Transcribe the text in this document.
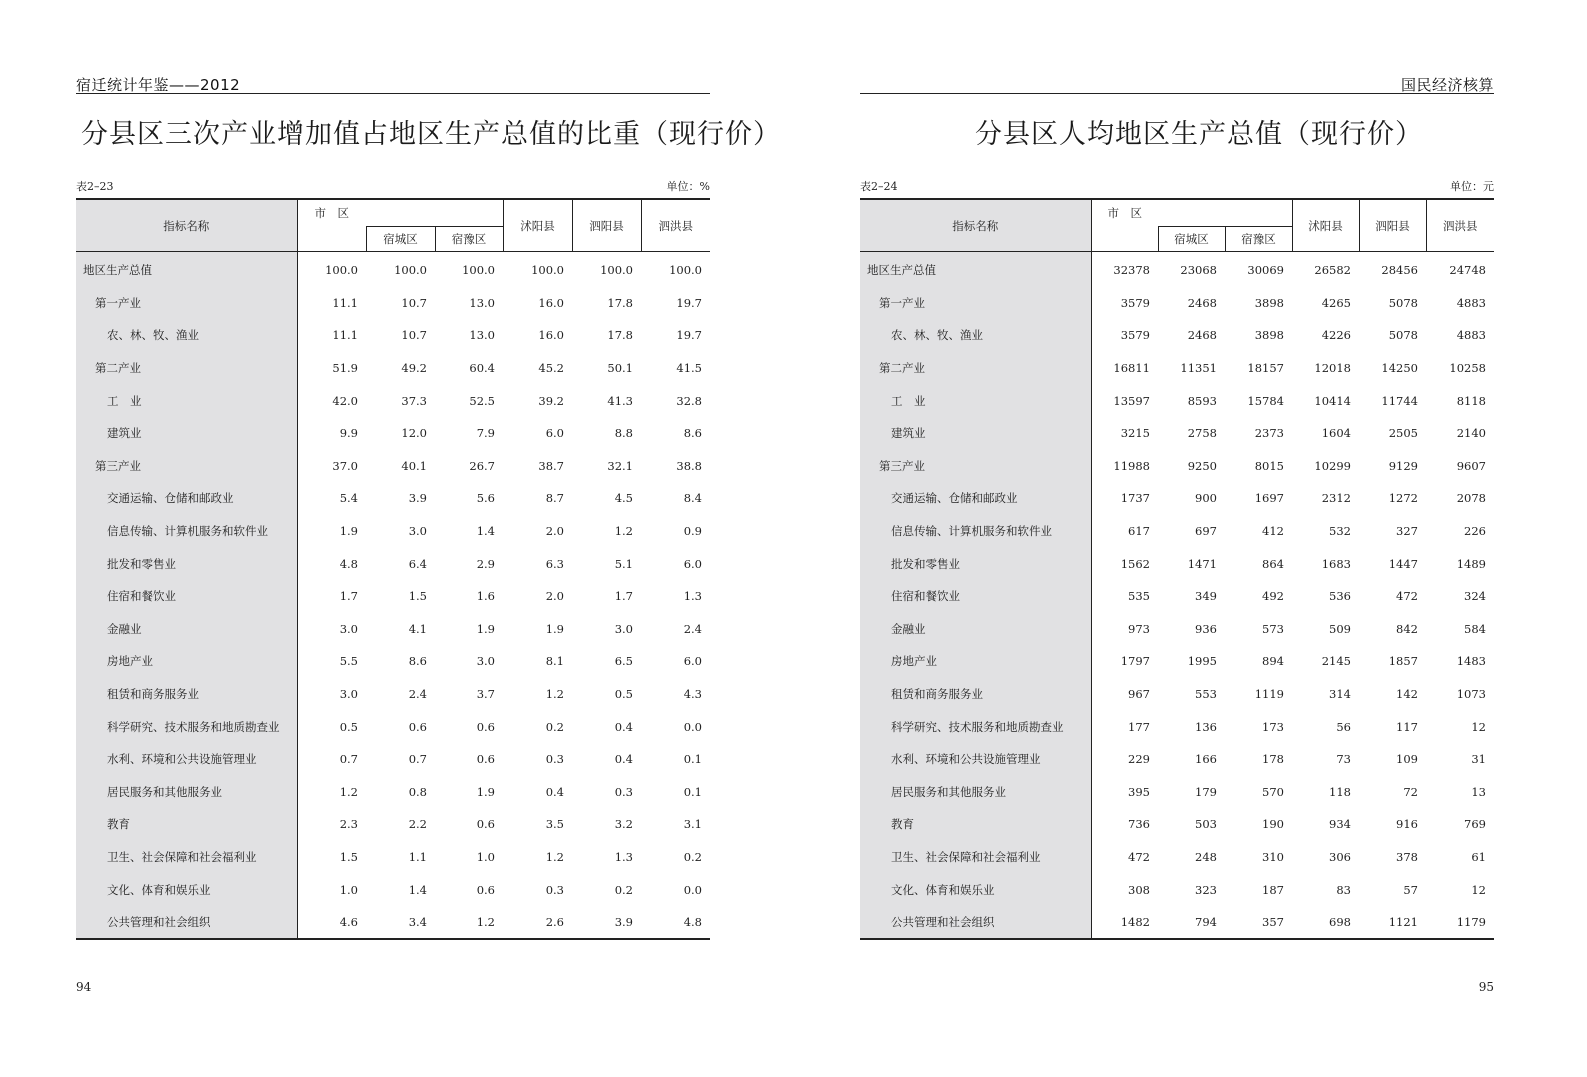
宿迁统计年鉴——2012
分县区三次产业增加值占地区生产总值的比重（现行价）
表2–23	单位：%
指标名称	市　区			沭阳县	泗阳县	泗洪县
		宿城区	宿豫区			
地区生产总值	100.0	100.0	100.0	100.0	100.0	100.0
第一产业	11.1	10.7	13.0	16.0	17.8	19.7
农、林、牧、渔业	11.1	10.7	13.0	16.0	17.8	19.7
第二产业	51.9	49.2	60.4	45.2	50.1	41.5
工　业	42.0	37.3	52.5	39.2	41.3	32.8
建筑业	9.9	12.0	7.9	6.0	8.8	8.6
第三产业	37.0	40.1	26.7	38.7	32.1	38.8
交通运输、仓储和邮政业	5.4	3.9	5.6	8.7	4.5	8.4
信息传输、计算机服务和软件业	1.9	3.0	1.4	2.0	1.2	0.9
批发和零售业	4.8	6.4	2.9	6.3	5.1	6.0
住宿和餐饮业	1.7	1.5	1.6	2.0	1.7	1.3
金融业	3.0	4.1	1.9	1.9	3.0	2.4
房地产业	5.5	8.6	3.0	8.1	6.5	6.0
租赁和商务服务业	3.0	2.4	3.7	1.2	0.5	4.3
科学研究、技术服务和地质勘查业	0.5	0.6	0.6	0.2	0.4	0.0
水利、环境和公共设施管理业	0.7	0.7	0.6	0.3	0.4	0.1
居民服务和其他服务业	1.2	0.8	1.9	0.4	0.3	0.1
教育	2.3	2.2	0.6	3.5	3.2	3.1
卫生、社会保障和社会福利业	1.5	1.1	1.0	1.2	1.3	0.2
文化、体育和娱乐业	1.0	1.4	0.6	0.3	0.2	0.0
公共管理和社会组织	4.6	3.4	1.2	2.6	3.9	4.8
94
国民经济核算
分县区人均地区生产总值（现行价）
表2–24	单位：元
指标名称	市　区			沭阳县	泗阳县	泗洪县
		宿城区	宿豫区			
地区生产总值	32378	23068	30069	26582	28456	24748
第一产业	3579	2468	3898	4265	5078	4883
农、林、牧、渔业	3579	2468	3898	4226	5078	4883
第二产业	16811	11351	18157	12018	14250	10258
工　业	13597	8593	15784	10414	11744	8118
建筑业	3215	2758	2373	1604	2505	2140
第三产业	11988	9250	8015	10299	9129	9607
交通运输、仓储和邮政业	1737	900	1697	2312	1272	2078
信息传输、计算机服务和软件业	617	697	412	532	327	226
批发和零售业	1562	1471	864	1683	1447	1489
住宿和餐饮业	535	349	492	536	472	324
金融业	973	936	573	509	842	584
房地产业	1797	1995	894	2145	1857	1483
租赁和商务服务业	967	553	1119	314	142	1073
科学研究、技术服务和地质勘查业	177	136	173	56	117	12
水利、环境和公共设施管理业	229	166	178	73	109	31
居民服务和其他服务业	395	179	570	118	72	13
教育	736	503	190	934	916	769
卫生、社会保障和社会福利业	472	248	310	306	378	61
文化、体育和娱乐业	308	323	187	83	57	12
公共管理和社会组织	1482	794	357	698	1121	1179
95
